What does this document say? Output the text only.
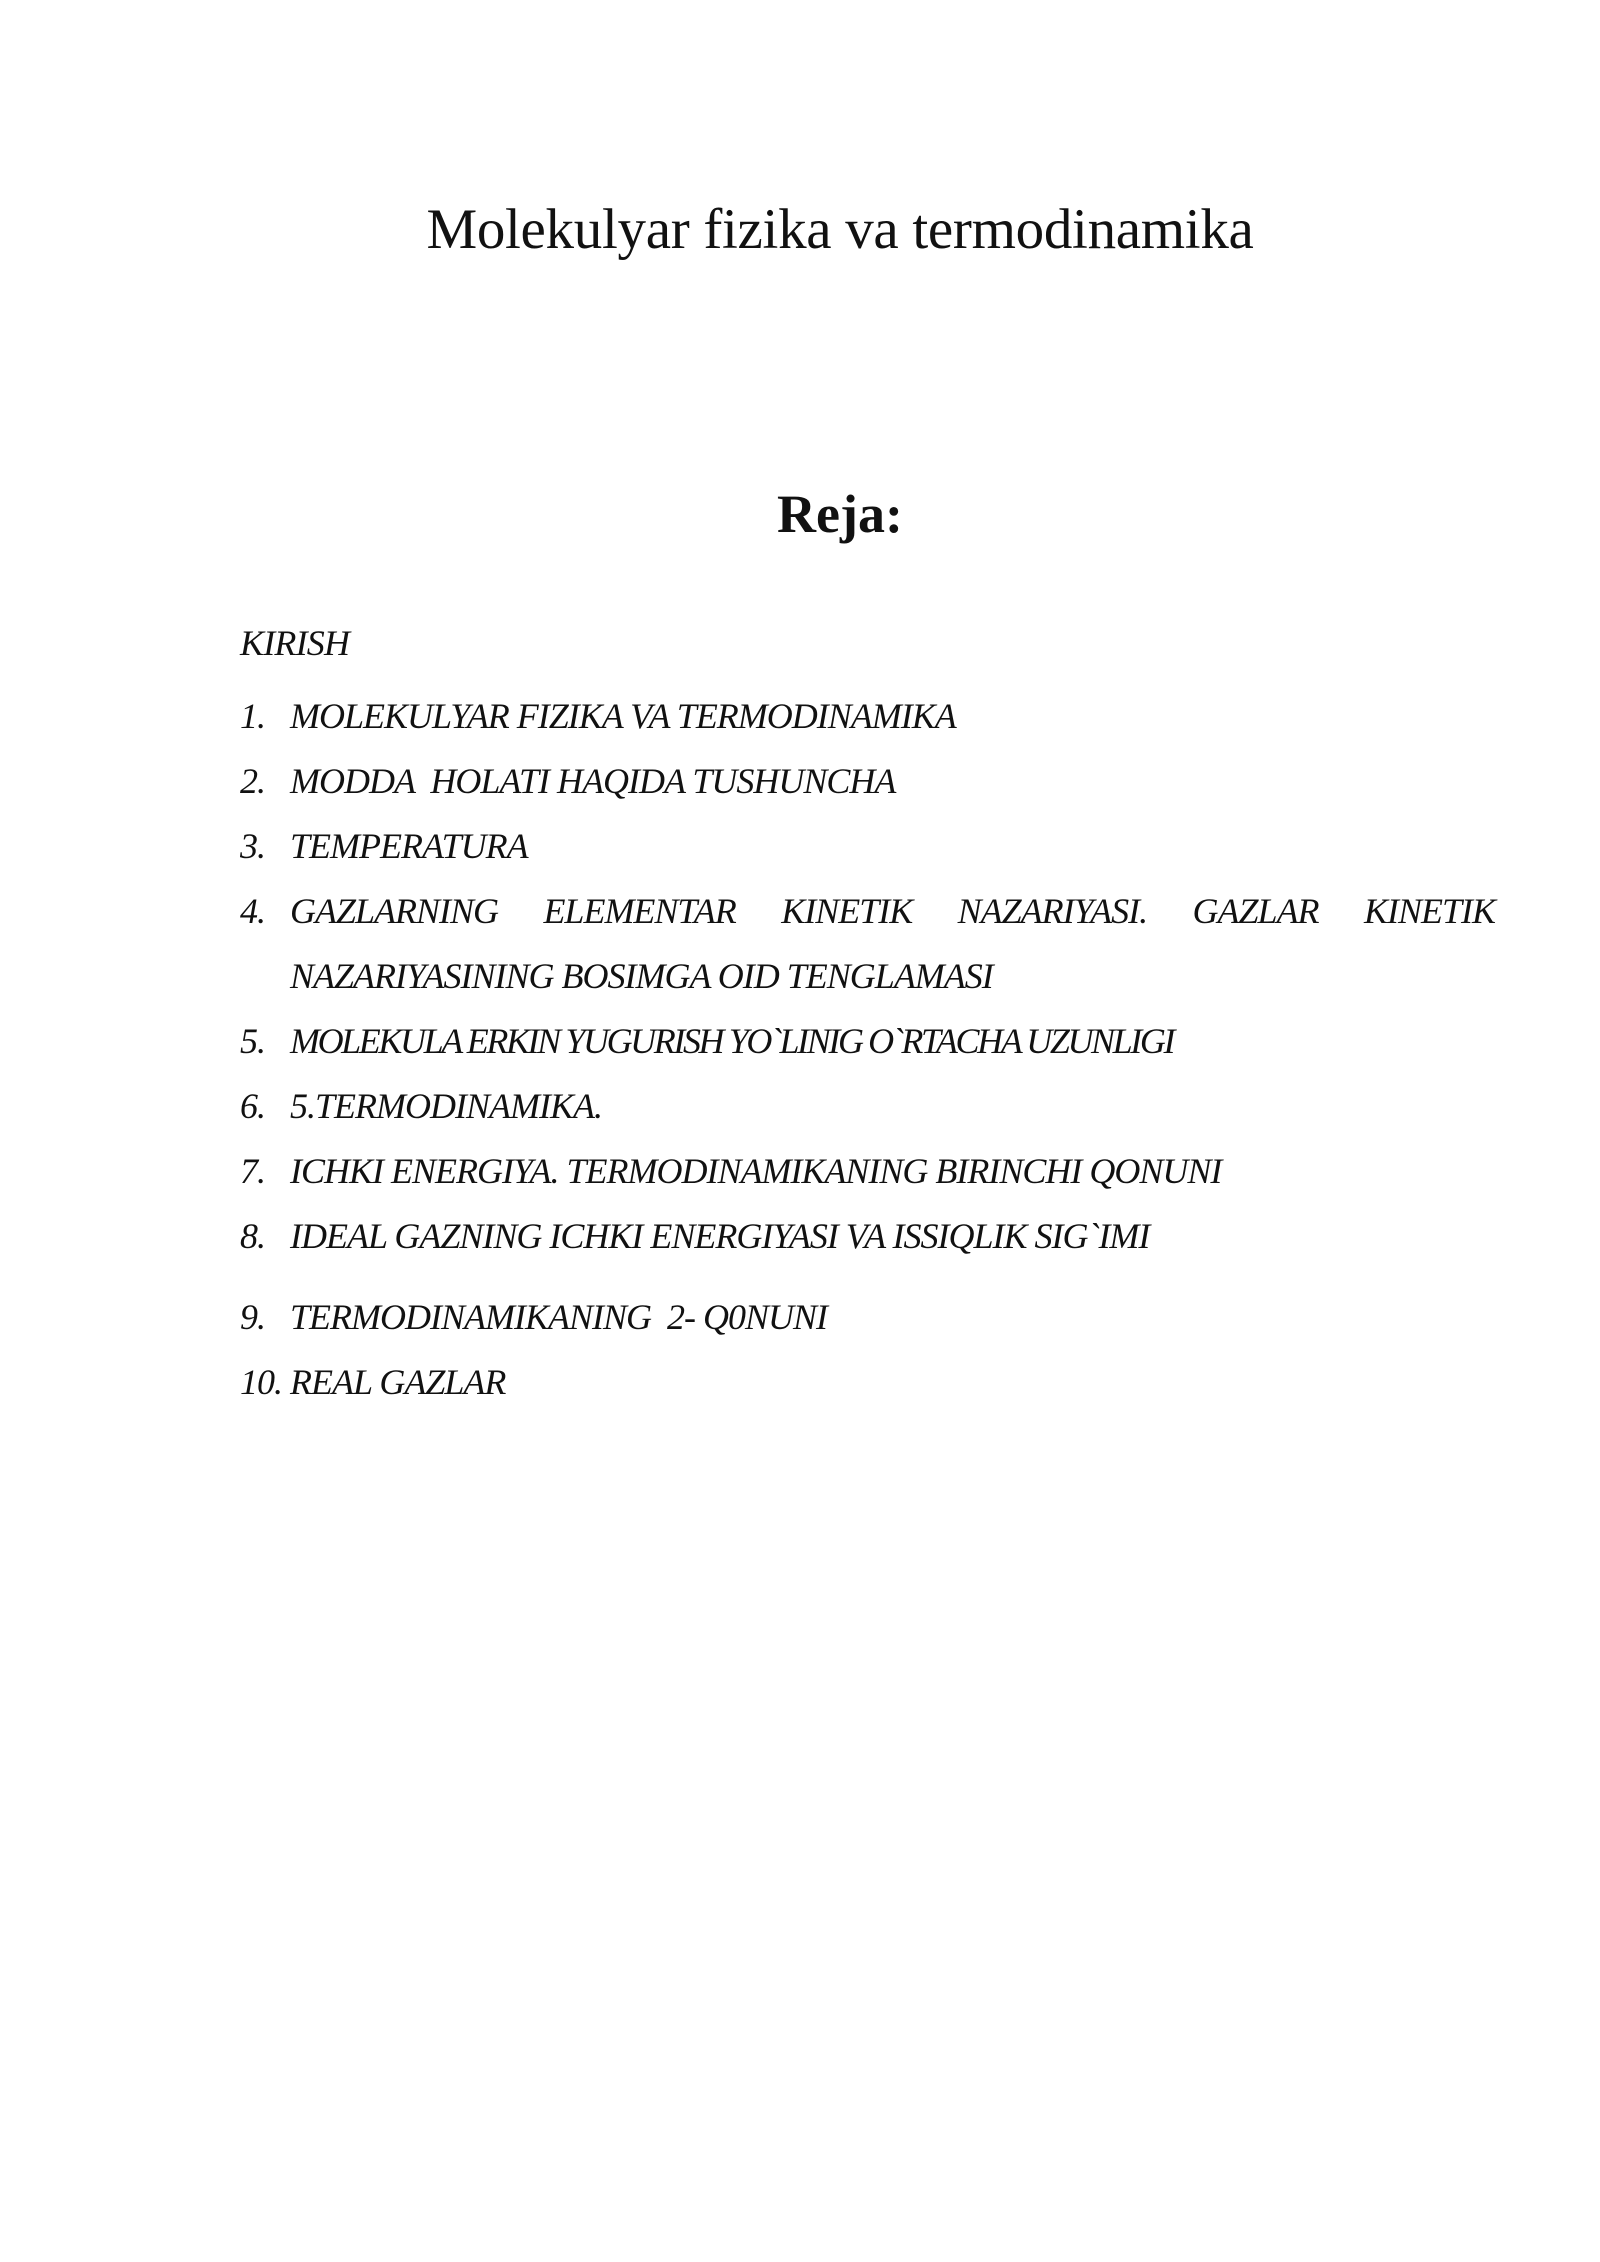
Molekulyar fizika va termodinamika
Reja:
KIRISH
1. MOLEKULYAR FIZIKA VA TERMODINAMIKA
2. MODDA  HOLATI HAQIDA TUSHUNCHA
3. TEMPERATURA
4. GAZLARNING ELEMENTAR KINETIK NAZARIYASI. GAZLAR KINETIK NAZARIYASINING BOSIMGA OID TENGLAMASI
5. MOLEKULA ERKIN YUGURISH YO`LINIG O`RTACHA UZUNLIGI
6. 5.TERMODINAMIKA.
7. ICHKI ENERGIYA. TERMODINAMIKANING BIRINCHI QONUNI
8. IDEAL GAZNING ICHKI ENERGIYASI VA ISSIQLIK SIG`IMI
9. TERMODINAMIKANING  2- Q0NUNI
10. REAL GAZLAR
